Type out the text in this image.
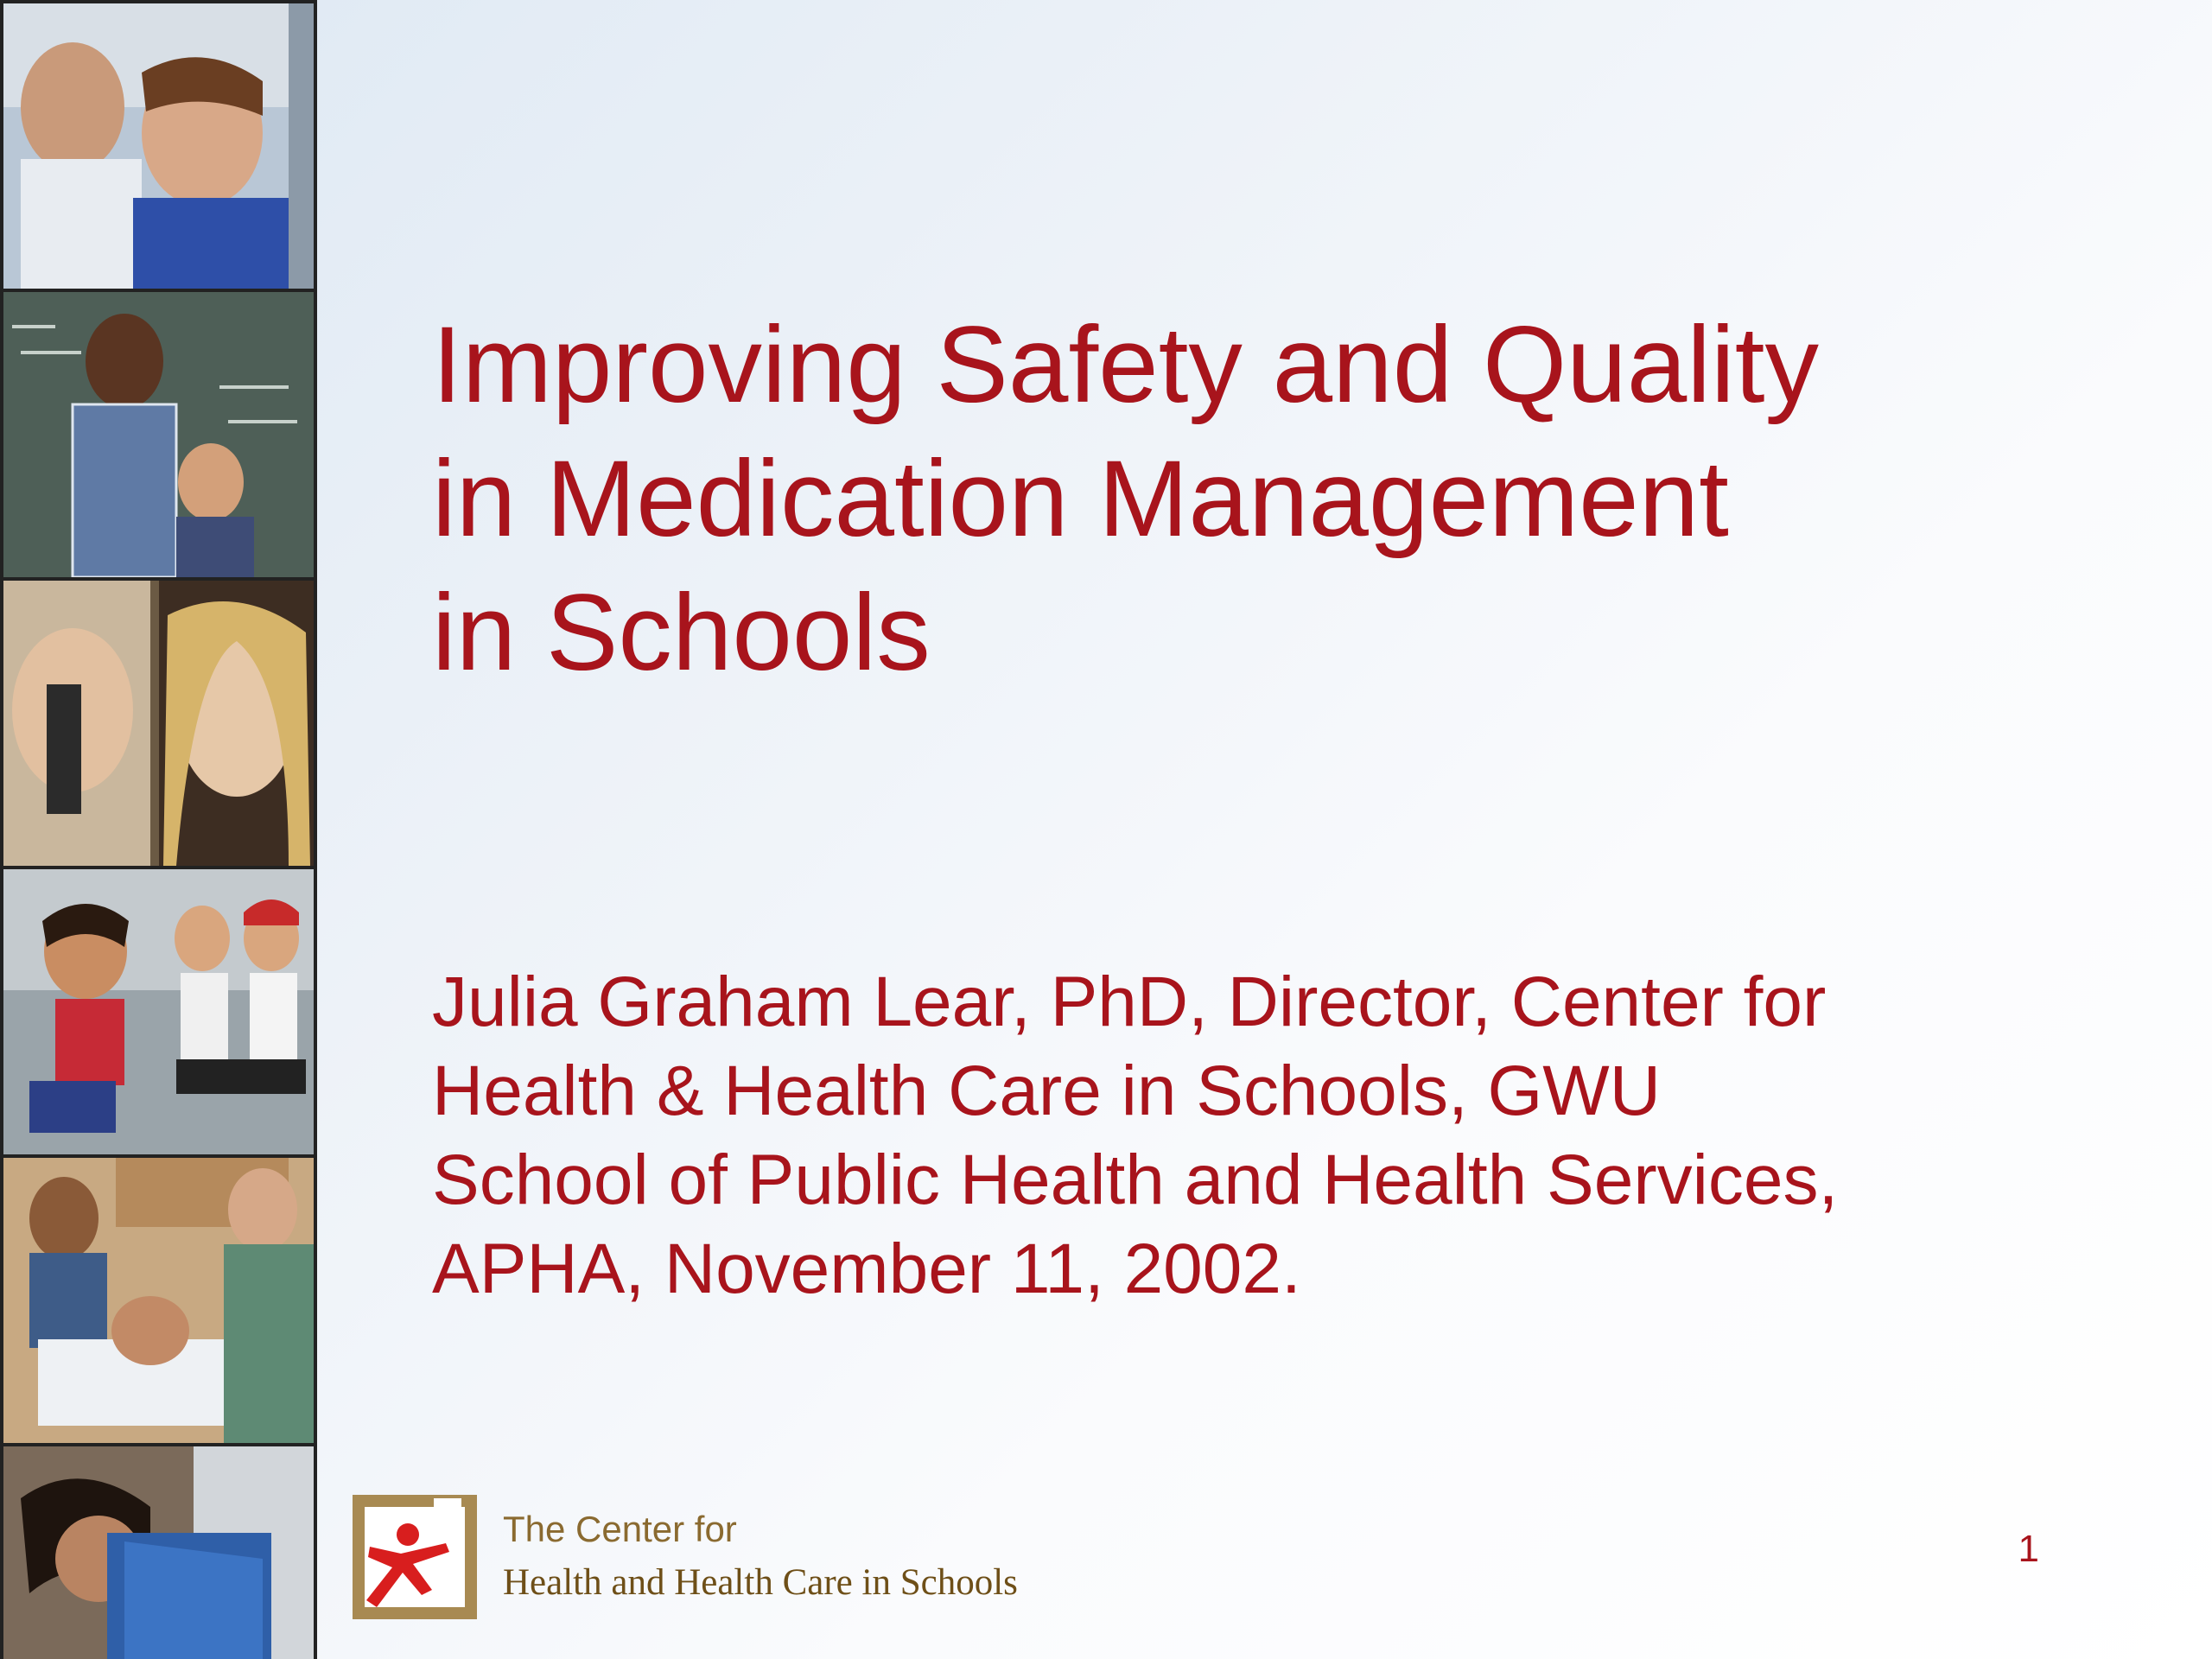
Improving Safety and Quality
in Medication Management
in Schools

Julia Graham Lear, PhD, Director, Center for
Health & Health Care in Schools, GWU
School of Public Health and Health Services,
APHA, November 11, 2002.

The Center for
Health and Health Care in Schools
1
